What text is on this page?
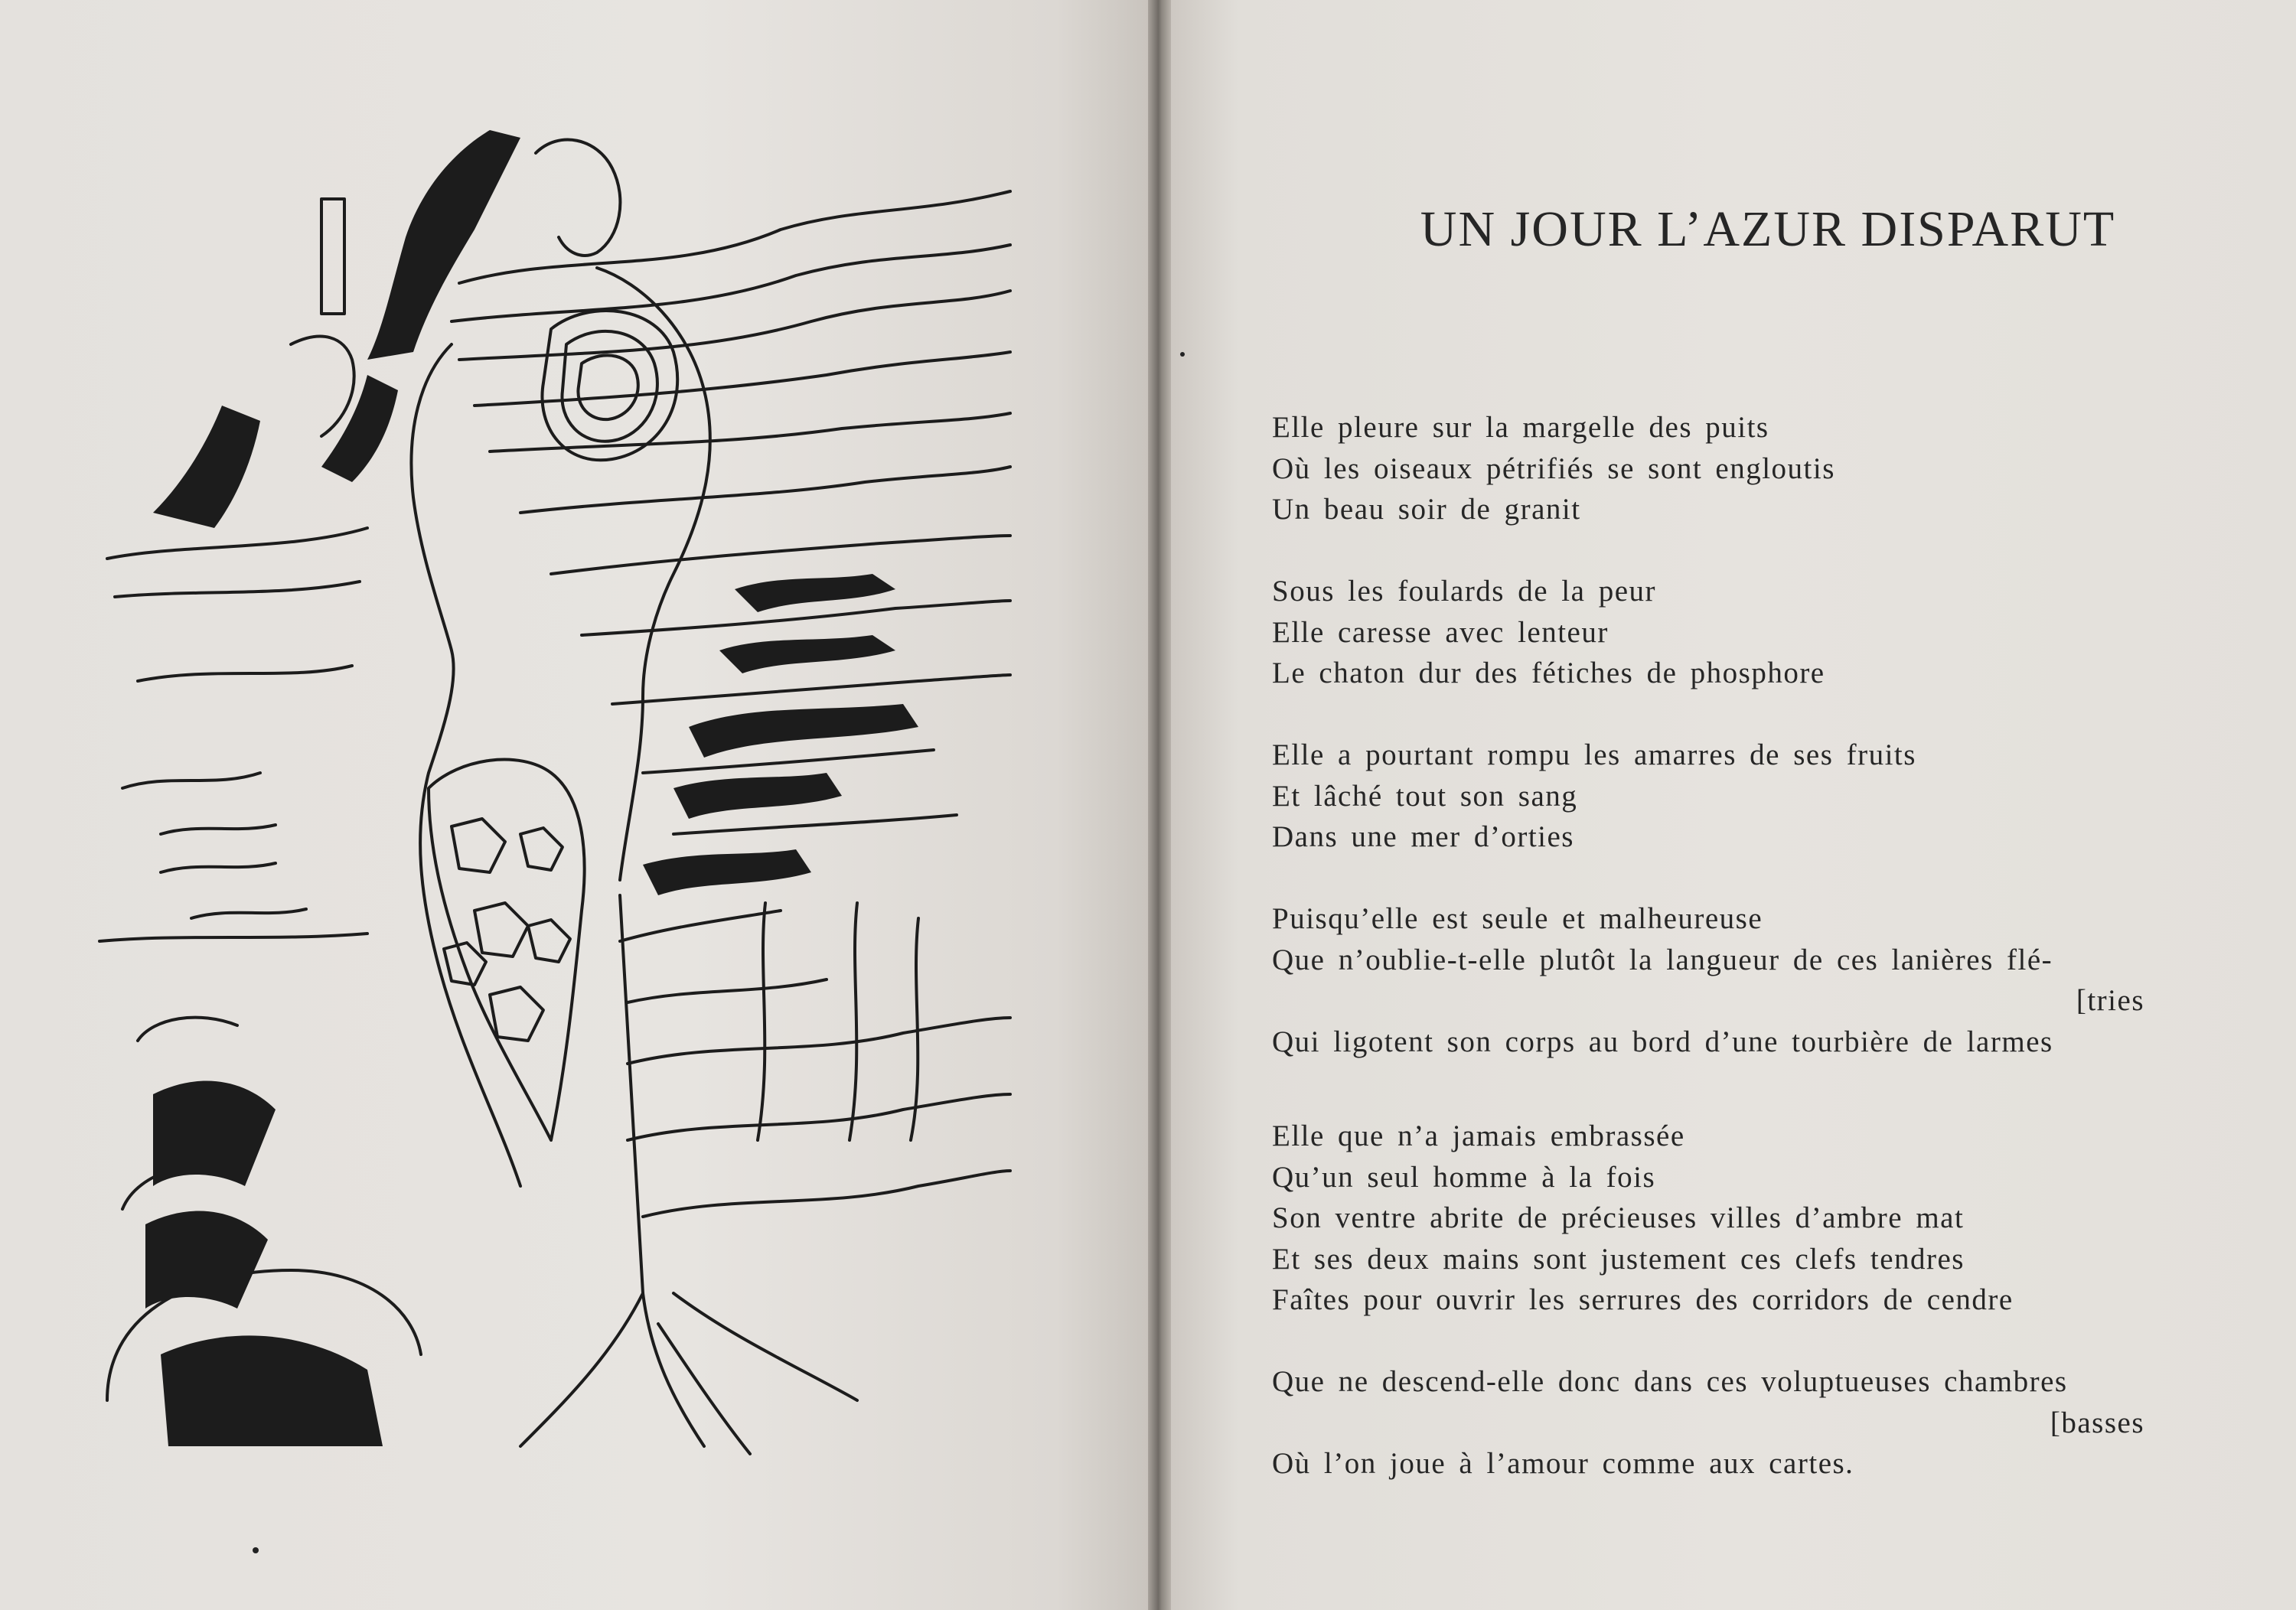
UN JOUR L’AZUR DISPARUT
Elle pleure sur la margelle des puits
Où les oiseaux pétrifiés se sont engloutis
Un beau soir de granit
Sous les foulards de la peur
Elle caresse avec lenteur
Le chaton dur des fétiches de phosphore
Elle a pourtant rompu les amarres de ses fruits
Et lâché tout son sang
Dans une mer d’orties
Puisqu’elle est seule et malheureuse
Que n’oublie-t-elle plutôt la langueur de ces lanières flé-
[tries
Qui ligotent son corps au bord d’une tourbière de larmes
Elle que n’a jamais embrassée
Qu’un seul homme à la fois
Son ventre abrite de précieuses villes d’ambre mat
Et ses deux mains sont justement ces clefs tendres
Faîtes pour ouvrir les serrures des corridors de cendre
Que ne descend-elle donc dans ces voluptueuses chambres
[basses
Où l’on joue à l’amour comme aux cartes.
